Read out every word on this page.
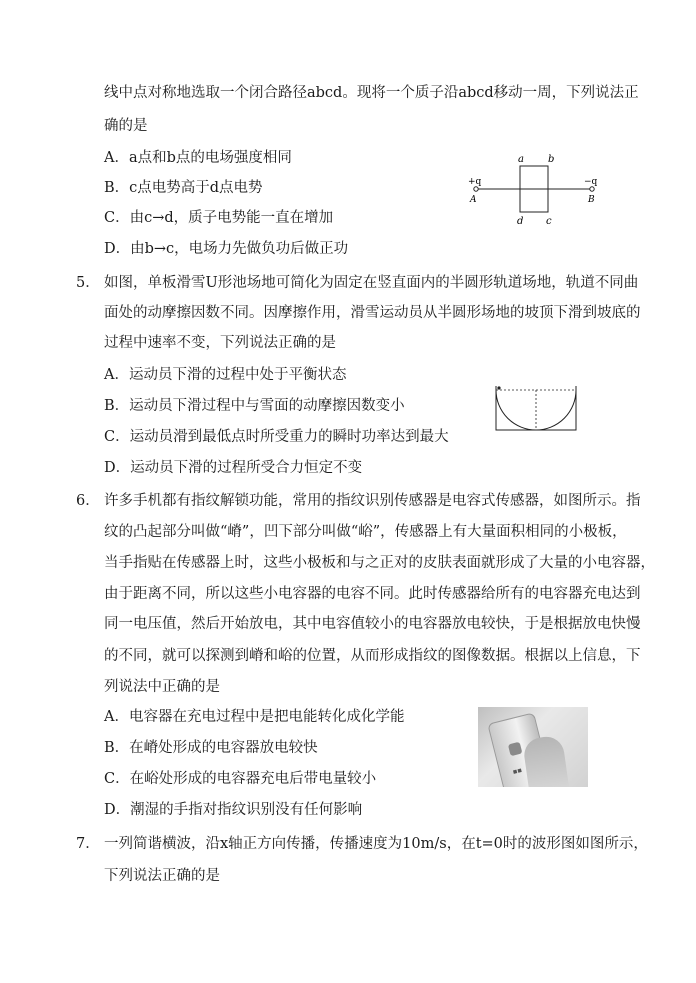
线中点对称地选取一个闭合路径abcd。现将一个质子沿abcd移动一周，下列说法正
确的是
A．a点和b点的电场强度相同
B．c点电势高于d点电势
C．由c→d，质子电势能一直在增加
D．由b→c，电场力先做负功后做正功
a b
+q
A
−q
B
d c
5． 如图，单板滑雪U形池场地可简化为固定在竖直面内的半圆形轨道场地，轨道不同曲
面处的动摩擦因数不同。因摩擦作用，滑雪运动员从半圆形场地的坡顶下滑到坡底的
过程中速率不变，下列说法正确的是
A．运动员下滑的过程中处于平衡状态
B．运动员下滑过程中与雪面的动摩擦因数变小
C．运动员滑到最低点时所受重力的瞬时功率达到最大
D．运动员下滑的过程所受合力恒定不变
6． 许多手机都有指纹解锁功能，常用的指纹识别传感器是电容式传感器，如图所示。指
纹的凸起部分叫做“嵴”，凹下部分叫做“峪”，传感器上有大量面积相同的小极板，
当手指贴在传感器上时，这些小极板和与之正对的皮肤表面就形成了大量的小电容器，
由于距离不同，所以这些小电容器的电容不同。此时传感器给所有的电容器充电达到
同一电压值，然后开始放电，其中电容值较小的电容器放电较快，于是根据放电快慢
的不同，就可以探测到嵴和峪的位置，从而形成指纹的图像数据。根据以上信息，下
列说法中正确的是
A．电容器在充电过程中是把电能转化成化学能
B．在嵴处形成的电容器放电较快
C．在峪处形成的电容器充电后带电量较小
D．潮湿的手指对指纹识别没有任何影响
▪▪
7． 一列简谐横波，沿x轴正方向传播，传播速度为10m/s，在t=0时的波形图如图所示，
下列说法正确的是
